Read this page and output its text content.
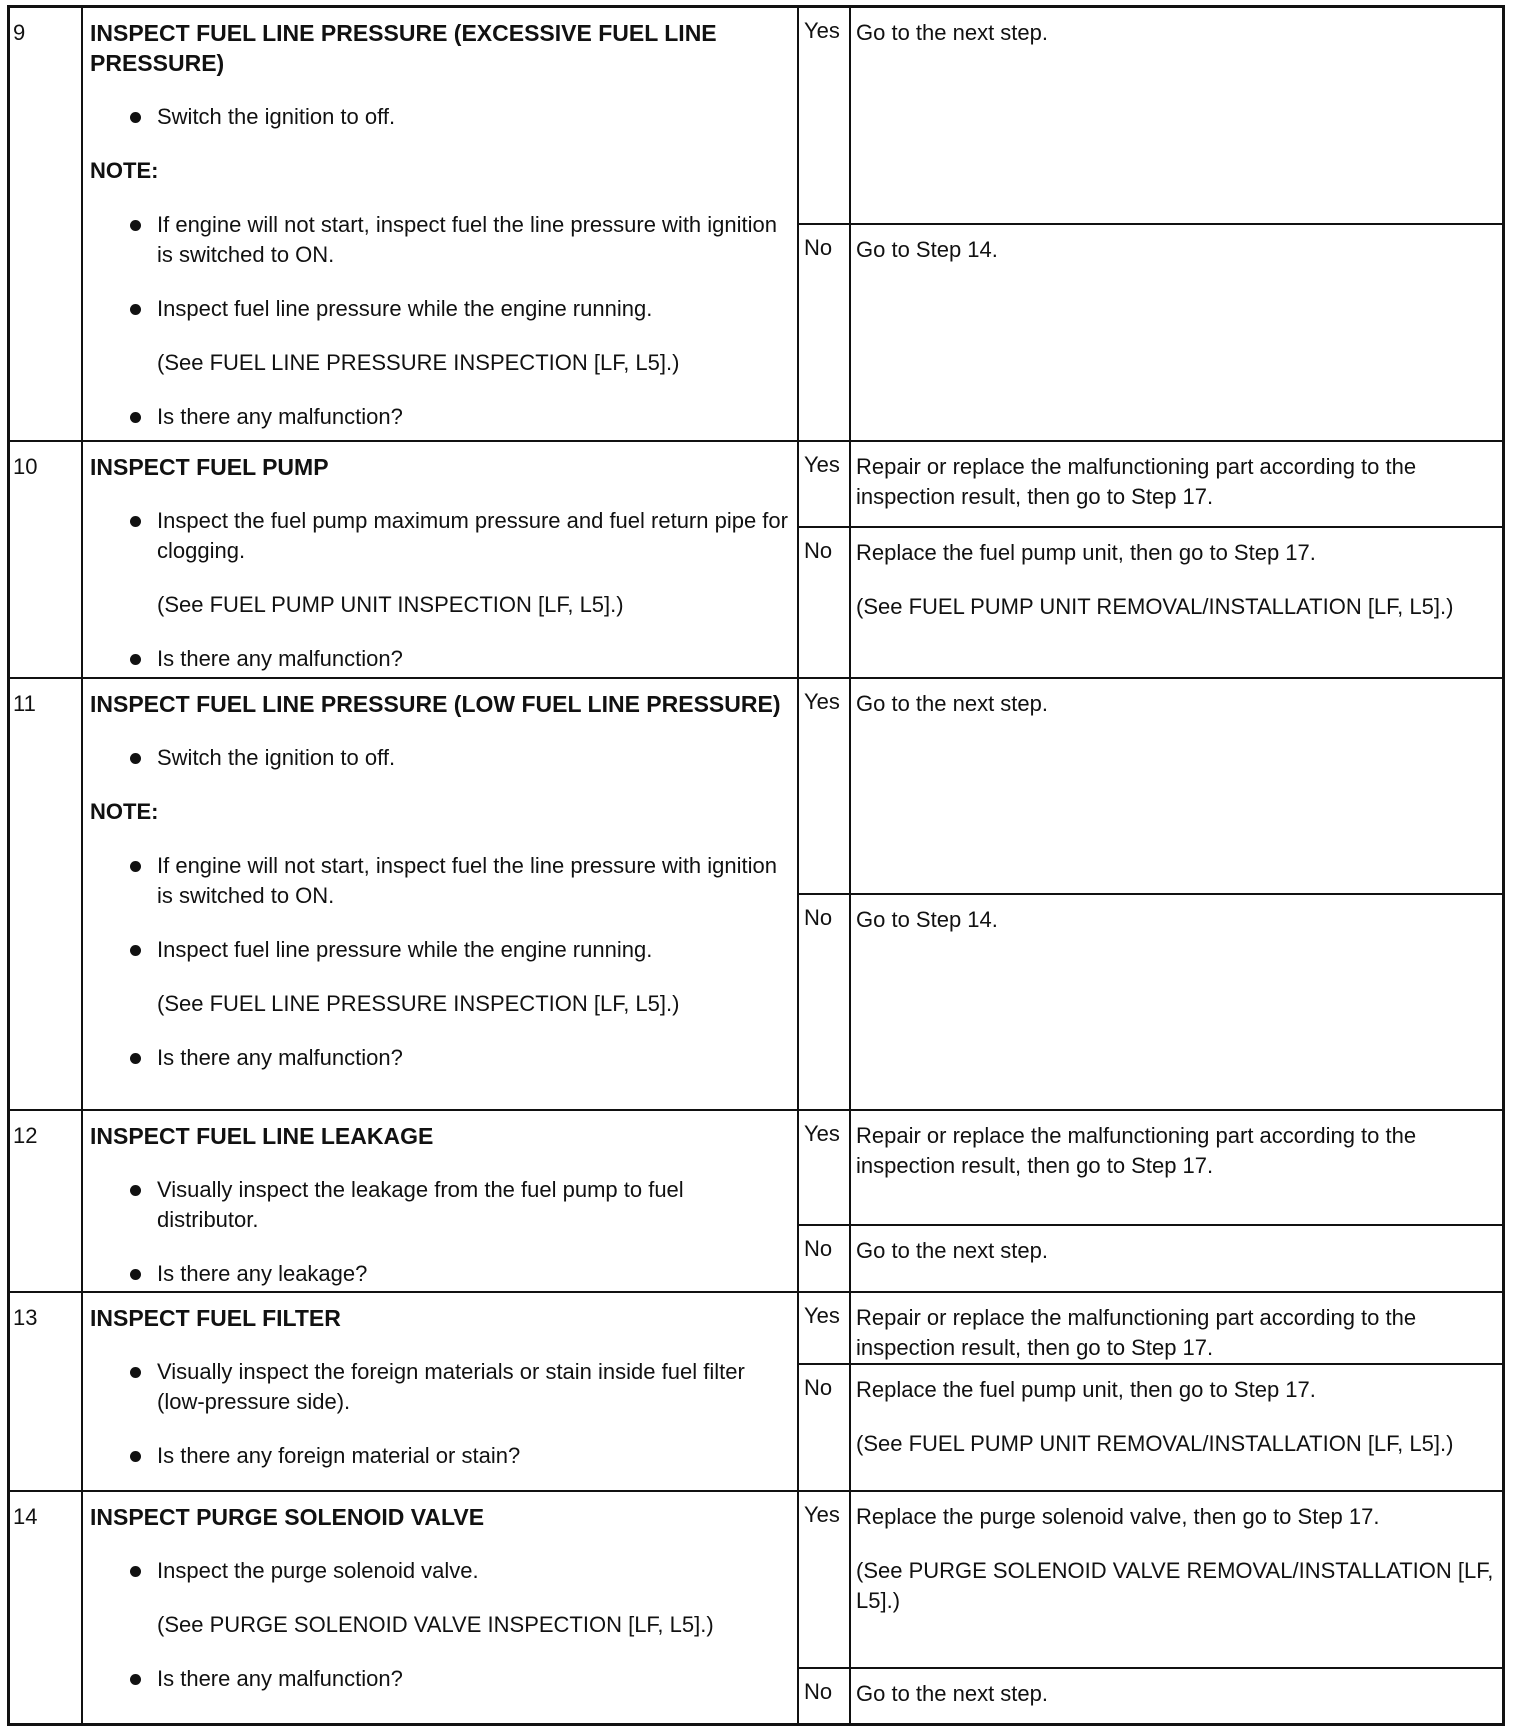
9	INSPECT FUEL LINE PRESSURE (EXCESSIVE FUEL LINE PRESSURE)
Switch the ignition to off.
NOTE:
If engine will not start, inspect fuel the line pressure with ignition is switched to ON.
Inspect fuel line pressure while the engine running.
(See FUEL LINE PRESSURE INSPECTION [LF, L5].)
Is there any malfunction?
Yes Go to the next step.
No	Go to Step 14.
10	INSPECT FUEL PUMP
Inspect the fuel pump maximum pressure and fuel return pipe for clogging.
(See FUEL PUMP UNIT INSPECTION [LF, L5].)
Is there any malfunction?
Yes Repair or replace the malfunctioning part according to the inspection result, then go to Step 17.
No	Replace the fuel pump unit, then go to Step 17.
(See FUEL PUMP UNIT REMOVAL/INSTALLATION [LF, L5].)
11	INSPECT FUEL LINE PRESSURE (LOW FUEL LINE PRESSURE)
Switch the ignition to off.
NOTE:
If engine will not start, inspect fuel the line pressure with ignition is switched to ON.
Inspect fuel line pressure while the engine running.
(See FUEL LINE PRESSURE INSPECTION [LF, L5].)
Is there any malfunction?
Yes Go to the next step.
No	Go to Step 14.
12	INSPECT FUEL LINE LEAKAGE
Visually inspect the leakage from the fuel pump to fuel distributor.
Is there any leakage?
Yes Repair or replace the malfunctioning part according to the inspection result, then go to Step 17.
No	Go to the next step.
13	INSPECT FUEL FILTER
Visually inspect the foreign materials or stain inside fuel filter (low-pressure side).
Is there any foreign material or stain?
Yes Repair or replace the malfunctioning part according to the inspection result, then go to Step 17.
No	Replace the fuel pump unit, then go to Step 17.
(See FUEL PUMP UNIT REMOVAL/INSTALLATION [LF, L5].)
14	INSPECT PURGE SOLENOID VALVE
Inspect the purge solenoid valve.
(See PURGE SOLENOID VALVE INSPECTION [LF, L5].)
Is there any malfunction?
Yes Replace the purge solenoid valve, then go to Step 17.
(See PURGE SOLENOID VALVE REMOVAL/INSTALLATION [LF, L5].)
No	Go to the next step.
